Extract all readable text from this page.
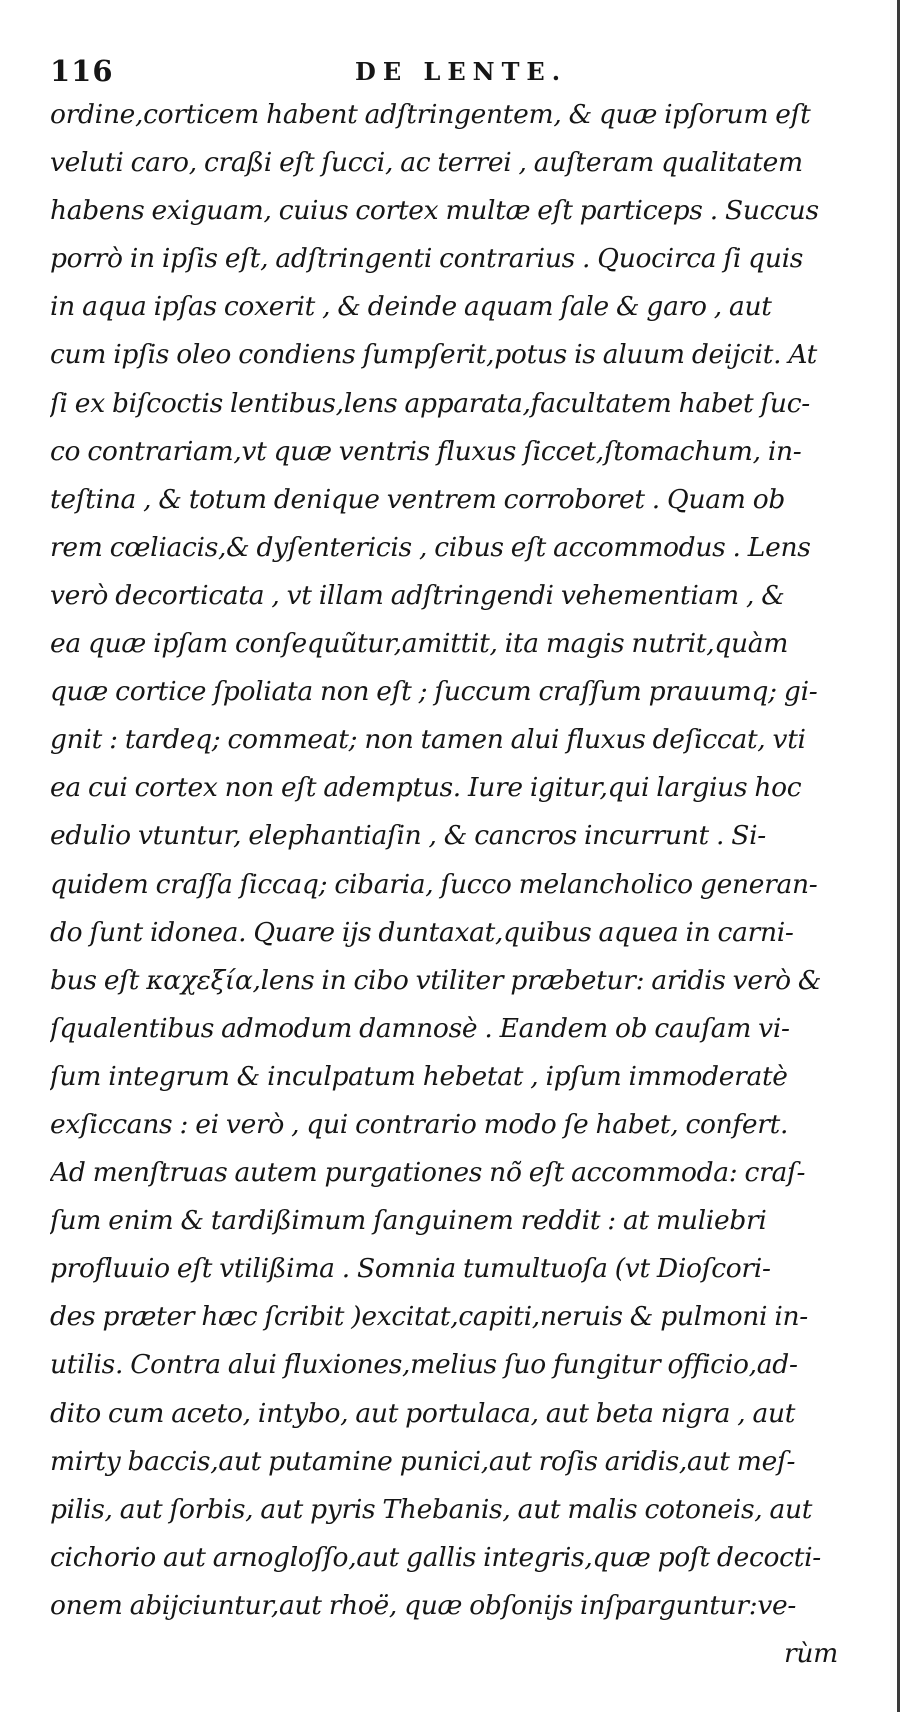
116	DE LENTE.
ordine,corticem habent adſtringentem, & quæ ipſorum eſt
veluti caro, craßi eſt ſucci, ac terrei , auſteram qualitatem
habens exiguam, cuius cortex multæ eſt particeps . Succus
porrò in ipſis eſt, adſtringenti contrarius . Quocirca ſi quis
in aqua ipſas coxerit , & deinde aquam ſale & garo , aut
cum ipſis oleo condiens ſumpſerit,potus is aluum deijcit. At
ſi ex biſcoctis lentibus,lens apparata,facultatem habet ſuc-
co contrariam,vt quæ ventris fluxus ſiccet,ſtomachum, in-
teſtina , & totum denique ventrem corroboret . Quam ob
rem cœliacis,& dyſentericis , cibus eſt accommodus . Lens
verò decorticata , vt illam adſtringendi vehementiam , &
ea quæ ipſam conſequũtur,amittit, ita magis nutrit,quàm
quæ cortice ſpoliata non eſt ; ſuccum craſſum prauumq; gi-
gnit : tardeq; commeat; non tamen alui fluxus deſiccat, vti
ea cui cortex non eſt ademptus. Iure igitur,qui largius hoc
edulio vtuntur, elephantiaſin , & cancros incurrunt . Si-
quidem craſſa ſiccaq; cibaria, ſucco melancholico generan-
do ſunt idonea. Quare ijs duntaxat,quibus aquea in carni-
bus eſt καχεξία,lens in cibo vtiliter præbetur: aridis verò &
ſqualentibus admodum damnosè . Eandem ob cauſam vi-
ſum integrum & inculpatum hebetat , ipſum immoderatè
exſiccans : ei verò , qui contrario modo ſe habet, confert.
Ad menſtruas autem purgationes nõ eſt accommoda: craſ-
ſum enim & tardißimum ſanguinem reddit : at muliebri
profluuio eſt vtilißima . Somnia tumultuoſa (vt Dioſcori-
des præter hæc ſcribit )excitat,capiti,neruis & pulmoni in-
utilis. Contra alui fluxiones,melius ſuo fungitur officio,ad-
dito cum aceto, intybo, aut portulaca, aut beta nigra , aut
mirty baccis,aut putamine punici,aut roſis aridis,aut meſ-
pilis, aut ſorbis, aut pyris Thebanis, aut malis cotoneis, aut
cichorio aut arnogloſſo,aut gallis integris,quæ poſt decocti-
onem abijciuntur,aut rhoë, quæ obſonijs inſparguntur:ve-
rùm
